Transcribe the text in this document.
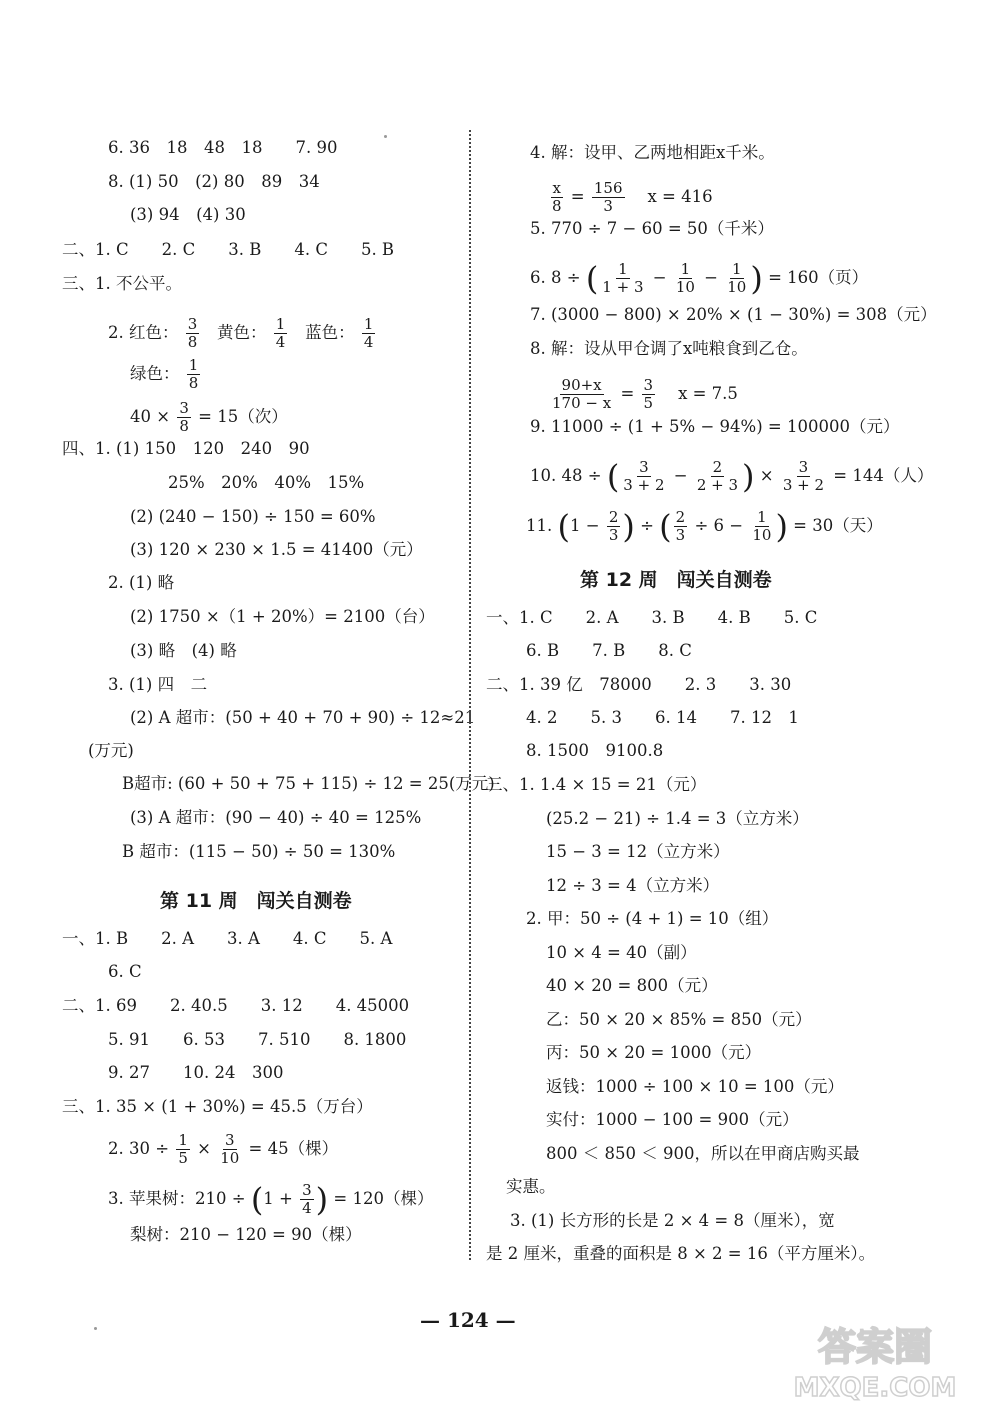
6. 36　18　48　18　　7. 90
8. (1) 50　(2) 80　89　34
(3) 94　(4) 30
二、1. C　　2. C　　3. B　　4. C　　5. B
三、1. 不公平。
2. 红色： $\frac{3}{8}$ 黄色： $\frac{1}{4}$ 蓝色： $\frac{1}{4}$
绿色： $\frac{1}{8}$
$40 \times \frac{3}{8} = 15$（次）
四、1. (1) 150　120　240　90
25%　20%　40%　15%
(2) (240 − 150) ÷ 150 = 60%
(3) 120 × 230 × 1.5 = 41400（元）
2. (1) 略
(2) 1750 ×（1 + 20%）= 2100（台）
(3) 略　(4) 略
3. (1) 四　二
(2) A 超市：(50 + 40 + 70 + 90) ÷ 12≈21
(万元)
B超市: (60 + 50 + 75 + 115) ÷ 12 = 25(万元)
(3) A 超市：(90 − 40) ÷ 40 = 125%
B 超市：(115 − 50) ÷ 50 = 130%
第 11 周　闯关自测卷
一、1. B　　2. A　　3. A　　4. C　　5. A
6. C
二、1. 69　　2. 40.5　　3. 12　　4. 45000
5. 91　　6. 53　　7. 510　　8. 1800
9. 27　　10. 24　300
三、1. 35 × (1 + 30%) = 45.5（万台）
2. $30 \div \frac{1}{5} \times \frac{3}{10} = 45$（棵）
3. 苹果树：$210 \div (1 + \frac{3}{4}$ ) = 120（棵）
梨树：210 − 120 = 90（棵）
4. 解：设甲、乙两地相距x千米。
$\frac{x}{8} = \frac{156}{3}$ x = 416
5. 770 ÷ 7 − 60 = 50（千米）
6. 8 ÷ ( $\frac{1}{1 + 3} - \frac{1}{10} - \frac{1}{10}$ ) = 160（页）
7. (3000 − 800) × 20% × (1 − 30%) = 308（元）
8. 解：设从甲仓调了x吨粮食到乙仓。
$\frac{90+x}{170 - x} = \frac{3}{5}$ x = 7.5
9. 11000 ÷ (1 + 5% − 94%) = 100000（元）
10. 48 ÷ ( $\frac{3}{3 + 2} - \frac{2}{2 + 3}$ ) × $\frac{3}{3 + 2} = 144$（人）
11. ($1 - \frac{2}{3}$ ) ÷ ( $\frac{2}{3} \div 6 - \frac{1}{10}$ ) = 30（天）
第 12 周　闯关自测卷
一、1. C　　2. A　　3. B　　4. B　　5. C
6. B　　7. B　　8. C
二、1. 39 亿　78000　　2. 3　　3. 30
4. 2　　5. 3　　6. 14　　7. 12　1
8. 1500　9100.8
三、1. 1.4 × 15 = 21（元）
(25.2 − 21) ÷ 1.4 = 3（立方米）
15 − 3 = 12（立方米）
12 ÷ 3 = 4（立方米）
2. 甲：50 ÷ (4 + 1) = 10（组）
10 × 4 = 40（副）
40 × 20 = 800（元）
乙：50 × 20 × 85% = 850（元）
丙：50 × 20 = 1000（元）
返钱：1000 ÷ 100 × 10 = 100（元）
实付：1000 − 100 = 900（元）
800 ＜ 850 ＜ 900，所以在甲商店购买最
实惠。
3. (1) 长方形的长是 2 × 4 = 8（厘米），宽
是 2 厘米，重叠的面积是 8 × 2 = 16（平方厘米）。
— 124 —
答案圈
MXQE.COM
